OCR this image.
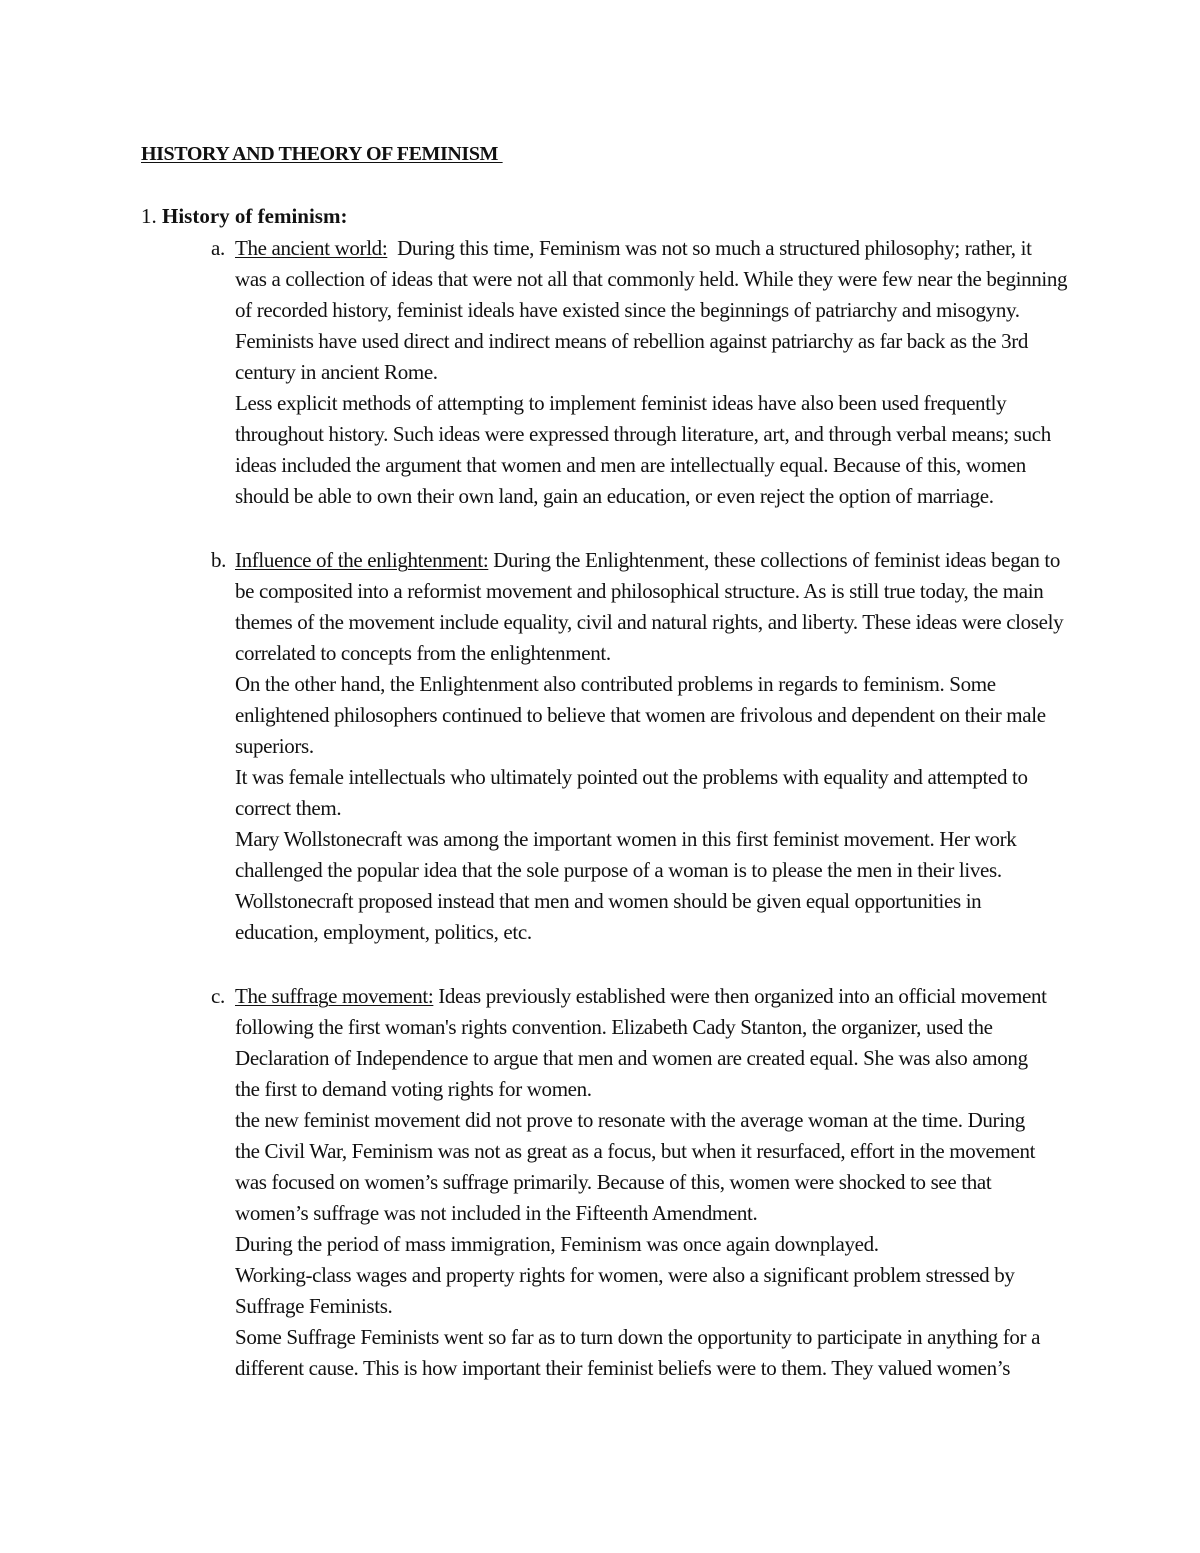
HISTORY AND THEORY OF FEMINISM
1. History of feminism:
a. The ancient world:  During this time, Feminism was not so much a structured philosophy; rather, it
was a collection of ideas that were not all that commonly held. While they were few near the beginning
of recorded history, feminist ideals have existed since the beginnings of patriarchy and misogyny.
Feminists have used direct and indirect means of rebellion against patriarchy as far back as the 3rd
century in ancient Rome.
Less explicit methods of attempting to implement feminist ideas have also been used frequently
throughout history. Such ideas were expressed through literature, art, and through verbal means; such
ideas included the argument that women and men are intellectually equal. Because of this, women
should be able to own their own land, gain an education, or even reject the option of marriage.
b. Influence of the enlightenment: During the Enlightenment, these collections of feminist ideas began to
be composited into a reformist movement and philosophical structure. As is still true today, the main
themes of the movement include equality, civil and natural rights, and liberty. These ideas were closely
correlated to concepts from the enlightenment.
On the other hand, the Enlightenment also contributed problems in regards to feminism. Some
enlightened philosophers continued to believe that women are frivolous and dependent on their male
superiors.
It was female intellectuals who ultimately pointed out the problems with equality and attempted to
correct them.
Mary Wollstonecraft was among the important women in this first feminist movement. Her work
challenged the popular idea that the sole purpose of a woman is to please the men in their lives.
Wollstonecraft proposed instead that men and women should be given equal opportunities in
education, employment, politics, etc.
c. The suffrage movement: Ideas previously established were then organized into an official movement
following the first woman's rights convention. Elizabeth Cady Stanton, the organizer, used the
Declaration of Independence to argue that men and women are created equal. She was also among
the first to demand voting rights for women.
the new feminist movement did not prove to resonate with the average woman at the time. During
the Civil War, Feminism was not as great as a focus, but when it resurfaced, effort in the movement
was focused on women’s suffrage primarily. Because of this, women were shocked to see that
women’s suffrage was not included in the Fifteenth Amendment.
During the period of mass immigration, Feminism was once again downplayed.
Working-class wages and property rights for women, were also a significant problem stressed by
Suffrage Feminists.
Some Suffrage Feminists went so far as to turn down the opportunity to participate in anything for a
different cause. This is how important their feminist beliefs were to them. They valued women’s
